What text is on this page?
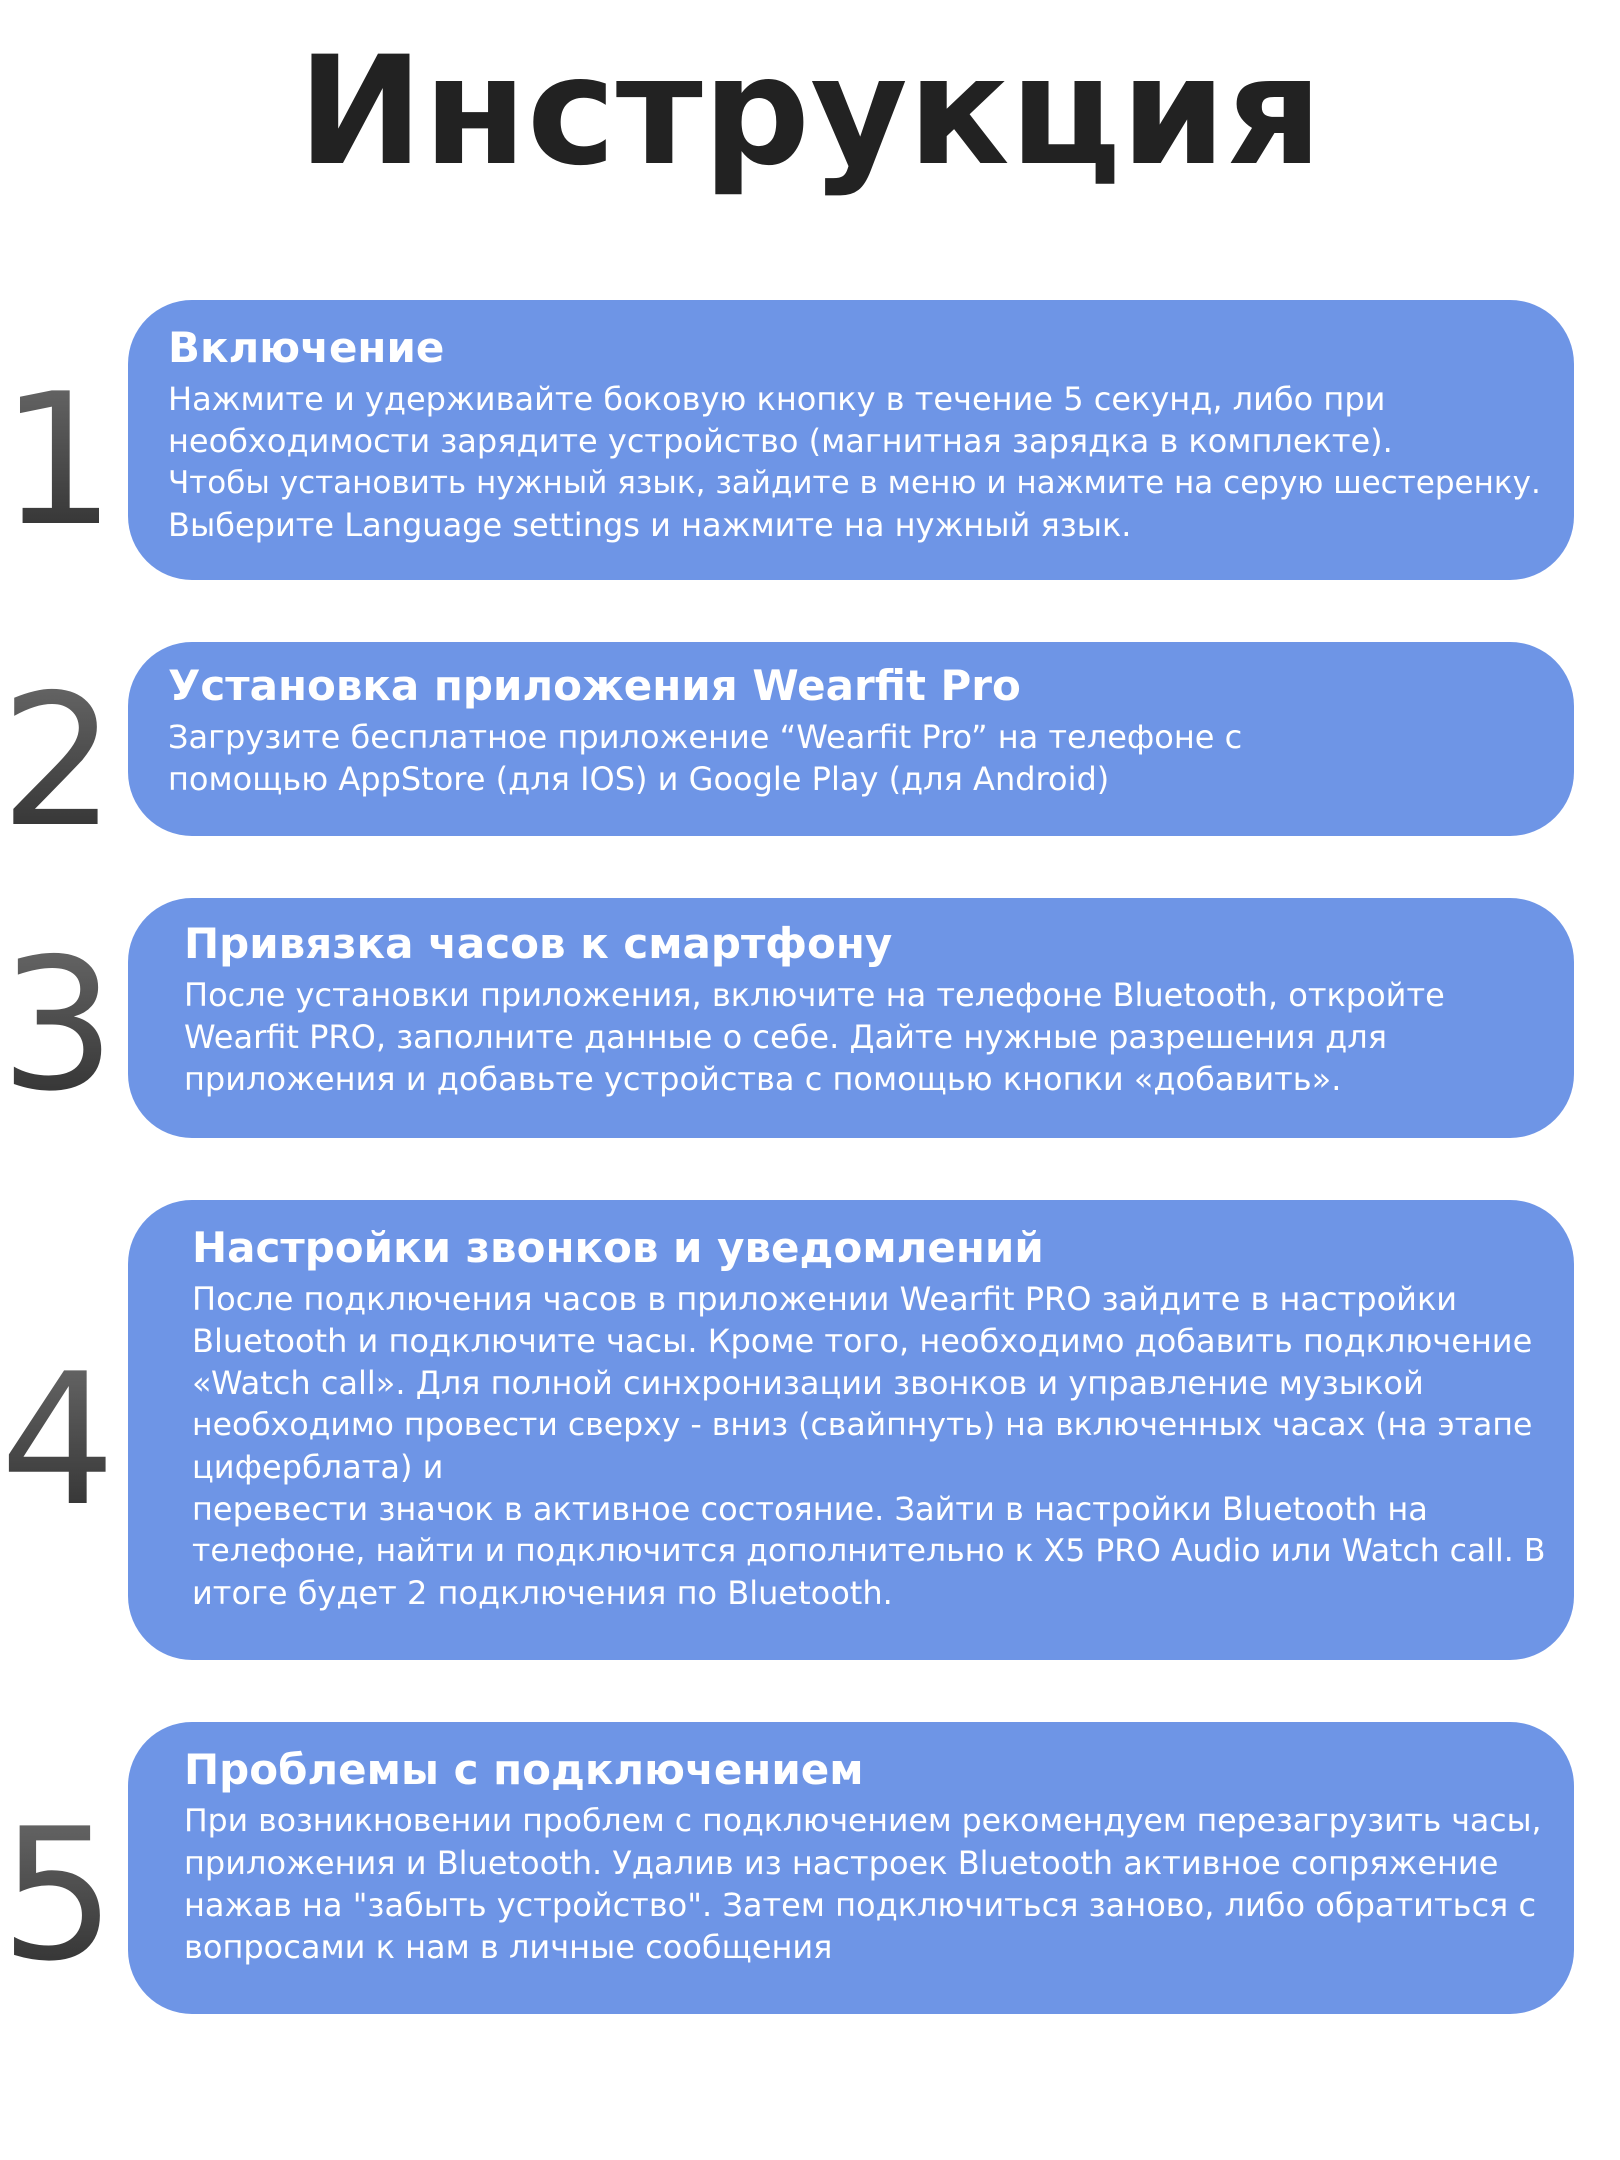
Инструкция
1
Включение

Нажмите и удерживайте боковую кнопку в течение 5 секунд, либо при
необходимости зарядите устройство (магнитная зарядка в комплекте).
Чтобы установить нужный язык, зайдите в меню и нажмите на серую шестеренку.
Выберите Language settings и нажмите на нужный язык.

2 Установка приложения Wearfit Pro

Загрузите бесплатное приложение “Wearfit Pro” на телефоне с
помощью AppStore (для IOS) и Google Play (для Android)

3 Привязка часов к смартфону

После установки приложения, включите на телефоне Bluetooth, откройте
Wearfit PRO, заполните данные о себе. Дайте нужные разрешения для
приложения и добавьте устройства с помощью кнопки «добавить».

4
Настройки звонков и уведомлений

После подключения часов в приложении Wearfit PRO зайдите в настройки
Bluetooth и подключите часы. Кроме того, необходимо добавить подключение
«Watch call». Для полной синхронизации звонков и управление музыкой
необходимо провести сверху - вниз (свайпнуть) на включенных часах (на этапе
циферблата) и
перевести значок в активное состояние. Зайти в настройки Bluetooth на
телефоне, найти и подключится дополнительно к X5 PRO Audio или Watch call. В
итоге будет 2 подключения по Bluetooth.

5
Проблемы с подключением

При возникновении проблем с подключением рекомендуем перезагрузить часы,
приложения и Bluetooth. Удалив из настроек Bluetooth активное сопряжение
нажав на "забыть устройство". Затем подключиться заново, либо обратиться с
вопросами к нам в личные сообщения
